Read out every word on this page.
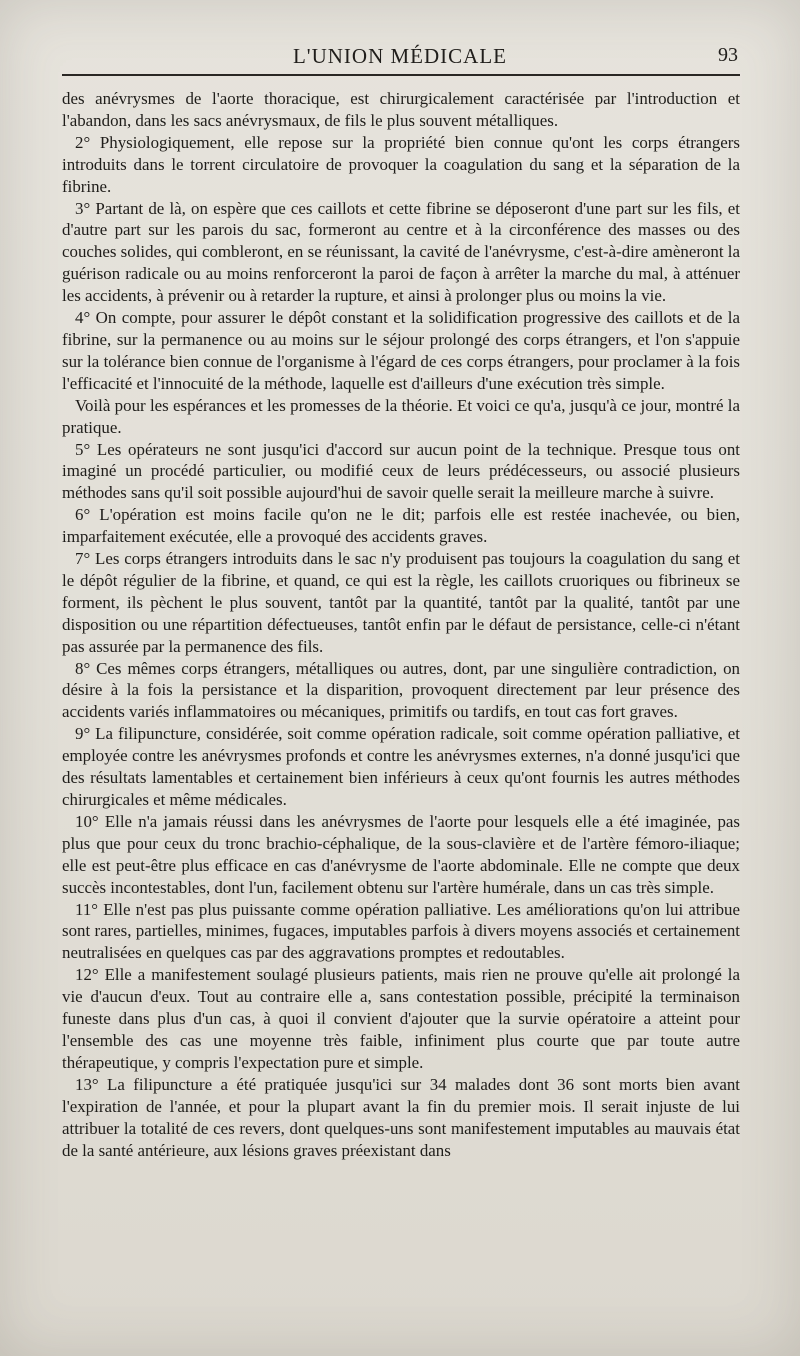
L'UNION MÉDICALE	93

des anévrysmes de l'aorte thoracique, est chirurgicalement caractérisée par l'introduction et l'abandon, dans les sacs anévrysmaux, de fils le plus souvent métalliques.

2° Physiologiquement, elle repose sur la propriété bien connue qu'ont les corps étrangers introduits dans le torrent circulatoire de provoquer la coagulation du sang et la séparation de la fibrine.

3° Partant de là, on espère que ces caillots et cette fibrine se déposeront d'une part sur les fils, et d'autre part sur les parois du sac, formeront au centre et à la circonférence des masses ou des couches solides, qui combleront, en se réunissant, la cavité de l'anévrysme, c'est-à-dire amèneront la guérison radicale ou au moins renforceront la paroi de façon à arrêter la marche du mal, à atténuer les accidents, à prévenir ou à retarder la rupture, et ainsi à prolonger plus ou moins la vie.

4° On compte, pour assurer le dépôt constant et la solidification progressive des caillots et de la fibrine, sur la permanence ou au moins sur le séjour prolongé des corps étrangers, et l'on s'appuie sur la tolérance bien connue de l'organisme à l'égard de ces corps étrangers, pour proclamer à la fois l'efficacité et l'innocuité de la méthode, laquelle est d'ailleurs d'une exécution très simple.

Voilà pour les espérances et les promesses de la théorie. Et voici ce qu'a, jusqu'à ce jour, montré la pratique.

5° Les opérateurs ne sont jusqu'ici d'accord sur aucun point de la technique. Presque tous ont imaginé un procédé particulier, ou modifié ceux de leurs prédécesseurs, ou associé plusieurs méthodes sans qu'il soit possible aujourd'hui de savoir quelle serait la meilleure marche à suivre.

6° L'opération est moins facile qu'on ne le dit; parfois elle est restée inachevée, ou bien, imparfaitement exécutée, elle a provoqué des accidents graves.

7° Les corps étrangers introduits dans le sac n'y produisent pas toujours la coagulation du sang et le dépôt régulier de la fibrine, et quand, ce qui est la règle, les caillots cruoriques ou fibrineux se forment, ils pèchent le plus souvent, tantôt par la quantité, tantôt par la qualité, tantôt par une disposition ou une répartition défectueuses, tantôt enfin par le défaut de persistance, celle-ci n'étant pas assurée par la permanence des fils.

8° Ces mêmes corps étrangers, métalliques ou autres, dont, par une singulière contradiction, on désire à la fois la persistance et la disparition, provoquent directement par leur présence des accidents variés inflammatoires ou mécaniques, primitifs ou tardifs, en tout cas fort graves.

9° La filipuncture, considérée, soit comme opération radicale, soit comme opération palliative, et employée contre les anévrysmes profonds et contre les anévrysmes externes, n'a donné jusqu'ici que des résultats lamentables et certainement bien inférieurs à ceux qu'ont fournis les autres méthodes chirurgicales et même médicales.

10° Elle n'a jamais réussi dans les anévrysmes de l'aorte pour lesquels elle a été imaginée, pas plus que pour ceux du tronc brachio-céphalique, de la sous-clavière et de l'artère fémoro-iliaque; elle est peut-être plus efficace en cas d'anévrysme de l'aorte abdominale. Elle ne compte que deux succès incontestables, dont l'un, facilement obtenu sur l'artère humérale, dans un cas très simple.

11° Elle n'est pas plus puissante comme opération palliative. Les améliorations qu'on lui attribue sont rares, partielles, minimes, fugaces, imputables parfois à divers moyens associés et certainement neutralisées en quelques cas par des aggravations promptes et redoutables.

12° Elle a manifestement soulagé plusieurs patients, mais rien ne prouve qu'elle ait prolongé la vie d'aucun d'eux. Tout au contraire elle a, sans contestation possible, précipité la terminaison funeste dans plus d'un cas, à quoi il convient d'ajouter que la survie opératoire a atteint pour l'ensemble des cas une moyenne très faible, infiniment plus courte que par toute autre thérapeutique, y compris l'expectation pure et simple.

13° La filipuncture a été pratiquée jusqu'ici sur 34 malades dont 36 sont morts bien avant l'expiration de l'année, et pour la plupart avant la fin du premier mois. Il serait injuste de lui attribuer la totalité de ces revers, dont quelques-uns sont manifestement imputables au mauvais état de la santé antérieure, aux lésions graves préexistant dans
